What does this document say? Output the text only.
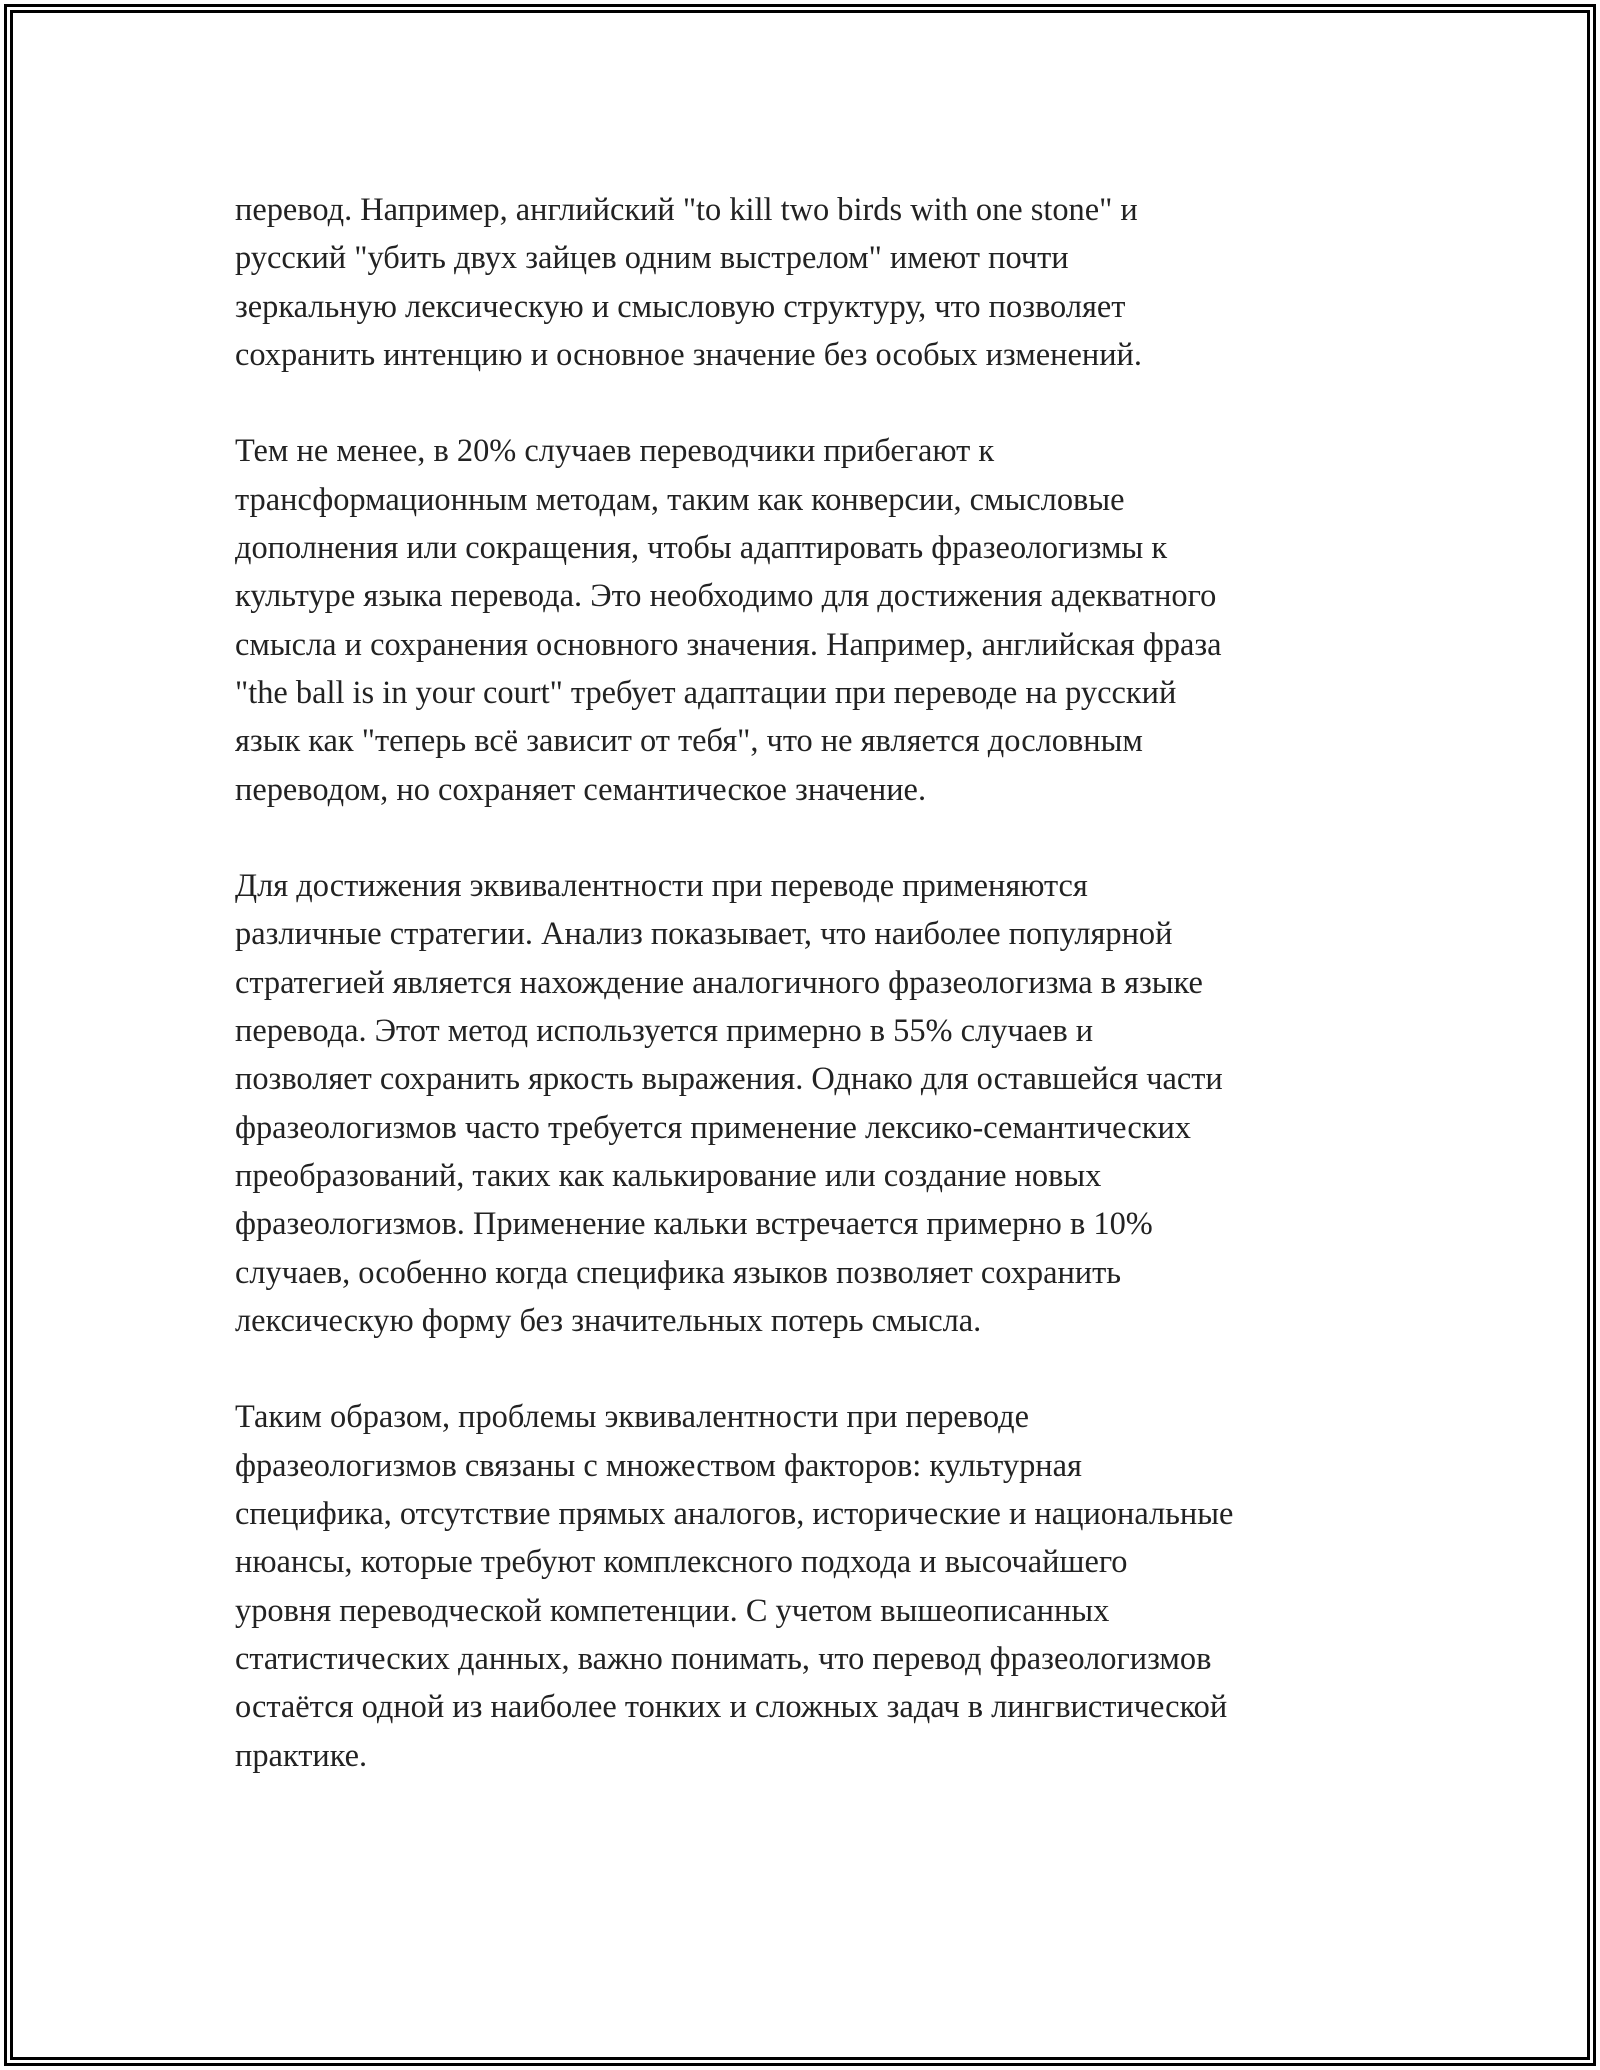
перевод. Например, английский "to kill two birds with one stone" и
русский "убить двух зайцев одним выстрелом" имеют почти
зеркальную лексическую и смысловую структуру, что позволяет
сохранить интенцию и основное значение без особых изменений.

Тем не менее, в 20% случаев переводчики прибегают к
трансформационным методам, таким как конверсии, смысловые
дополнения или сокращения, чтобы адаптировать фразеологизмы к
культуре языка перевода. Это необходимо для достижения адекватного
смысла и сохранения основного значения. Например, английская фраза
"the ball is in your court" требует адаптации при переводе на русский
язык как "теперь всё зависит от тебя", что не является дословным
переводом, но сохраняет семантическое значение.

Для достижения эквивалентности при переводе применяются
различные стратегии. Анализ показывает, что наиболее популярной
стратегией является нахождение аналогичного фразеологизма в языке
перевода. Этот метод используется примерно в 55% случаев и
позволяет сохранить яркость выражения. Однако для оставшейся части
фразеологизмов часто требуется применение лексико-семантических
преобразований, таких как калькирование или создание новых
фразеологизмов. Применение кальки встречается примерно в 10%
случаев, особенно когда специфика языков позволяет сохранить
лексическую форму без значительных потерь смысла.

Таким образом, проблемы эквивалентности при переводе
фразеологизмов связаны с множеством факторов: культурная
специфика, отсутствие прямых аналогов, исторические и национальные
нюансы, которые требуют комплексного подхода и высочайшего
уровня переводческой компетенции. С учетом вышеописанных
статистических данных, важно понимать, что перевод фразеологизмов
остаётся одной из наиболее тонких и сложных задач в лингвистической
практике.
